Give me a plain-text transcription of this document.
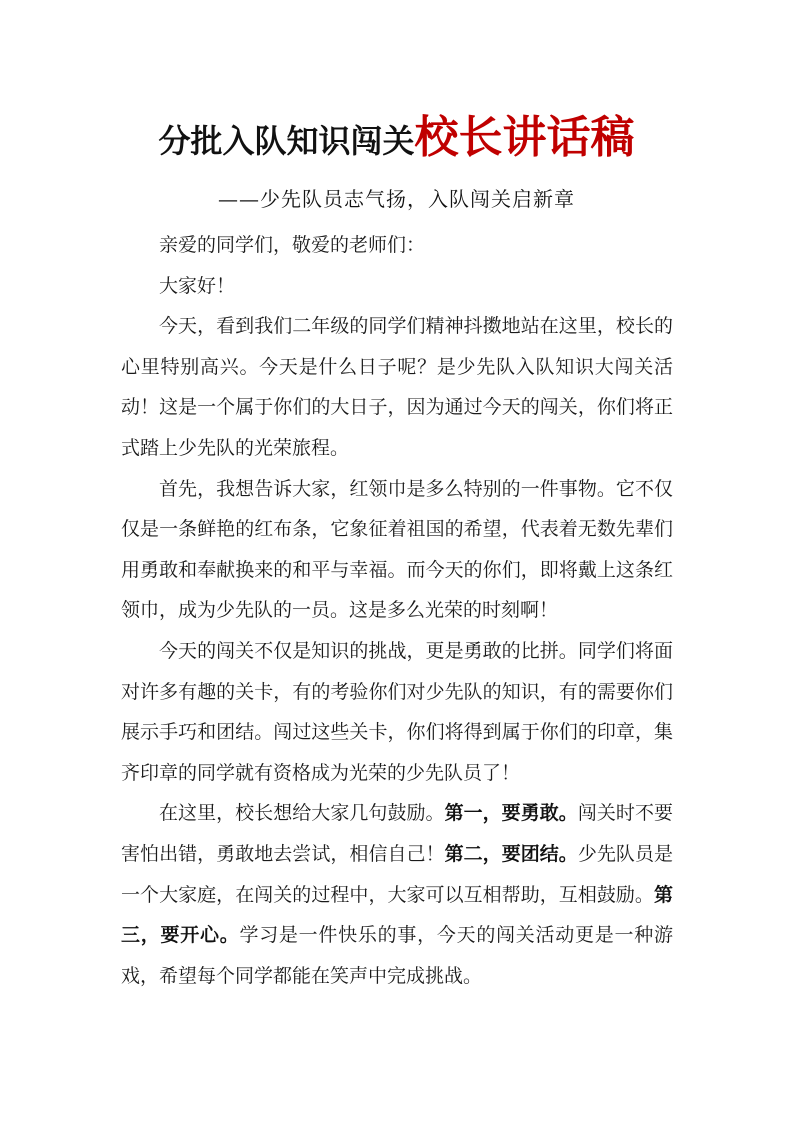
分批入队知识闯关校长讲话稿
——少先队员志气扬，入队闯关启新章

亲爱的同学们，敬爱的老师们：

大家好！

今天，看到我们二年级的同学们精神抖擞地站在这里，校长的心里特别高兴。今天是什么日子呢？是少先队入队知识大闯关活动！这是一个属于你们的大日子，因为通过今天的闯关，你们将正式踏上少先队的光荣旅程。

首先，我想告诉大家，红领巾是多么特别的一件事物。它不仅仅是一条鲜艳的红布条，它象征着祖国的希望，代表着无数先辈们用勇敢和奉献换来的和平与幸福。而今天的你们，即将戴上这条红领巾，成为少先队的一员。这是多么光荣的时刻啊！

今天的闯关不仅是知识的挑战，更是勇敢的比拼。同学们将面对许多有趣的关卡，有的考验你们对少先队的知识，有的需要你们展示手巧和团结。闯过这些关卡，你们将得到属于你们的印章，集齐印章的同学就有资格成为光荣的少先队员了！

在这里，校长想给大家几句鼓励。第一，要勇敢。闯关时不要害怕出错，勇敢地去尝试，相信自己！第二，要团结。少先队员是一个大家庭，在闯关的过程中，大家可以互相帮助，互相鼓励。第三，要开心。学习是一件快乐的事，今天的闯关活动更是一种游戏，希望每个同学都能在笑声中完成挑战。
